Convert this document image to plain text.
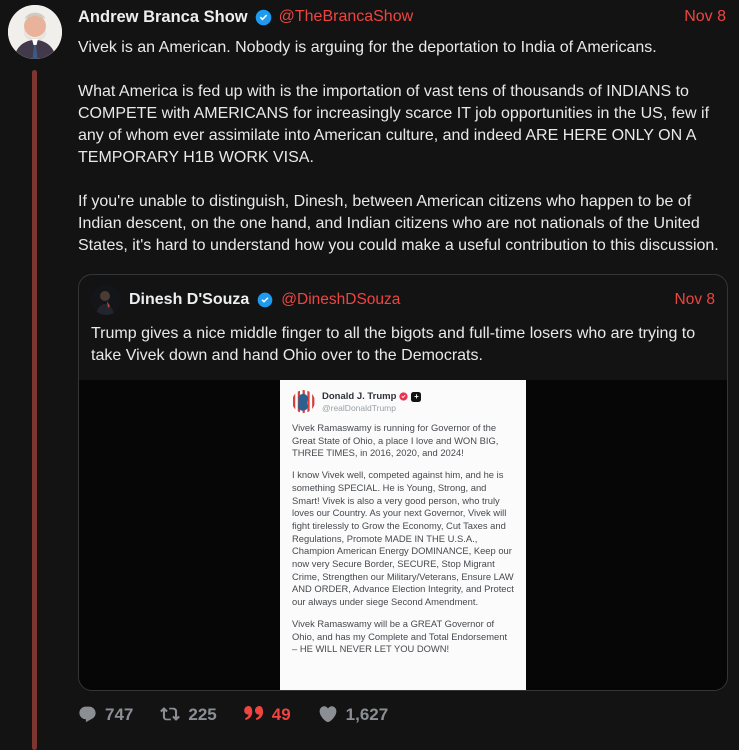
Andrew Branca Show @TheBrancaShow	Nov 8

Vivek is an American. Nobody is arguing for the deportation to India of Americans.

What America is fed up with is the importation of vast tens of thousands of INDIANS to COMPETE with AMERICANS for increasingly scarce IT job opportunities in the US, few if any of whom ever assimilate into American culture, and indeed ARE HERE ONLY ON A TEMPORARY H1B WORK VISA.

If you're unable to distinguish, Dinesh, between American citizens who happen to be of Indian descent, on the one hand, and Indian citizens who are not nationals of the United States, it's hard to understand how you could make a useful contribution to this discussion.

Dinesh D'Souza @DineshDSouza	Nov 8

Trump gives a nice middle finger to all the bigots and full-time losers who are trying to take Vivek down and hand Ohio over to the Democrats.

Donald J. Trump	+
@realDonaldTrump

Vivek Ramaswamy is running for Governor of the Great State of Ohio, a place I love and WON BIG, THREE TIMES, in 2016, 2020, and 2024!

I know Vivek well, competed against him, and he is something SPECIAL. He is Young, Strong, and Smart! Vivek is also a very good person, who truly loves our Country. As your next Governor, Vivek will fight tirelessly to Grow the Economy, Cut Taxes and Regulations, Promote MADE IN THE U.S.A., Champion American Energy DOMINANCE, Keep our now very Secure Border, SECURE, Stop Migrant Crime, Strengthen our Military/Veterans, Ensure LAW AND ORDER, Advance Election Integrity, and Protect our always under siege Second Amendment.

Vivek Ramaswamy will be a GREAT Governor of Ohio, and has my Complete and Total Endorsement – HE WILL NEVER LET YOU DOWN!

747	225	49	1,627
